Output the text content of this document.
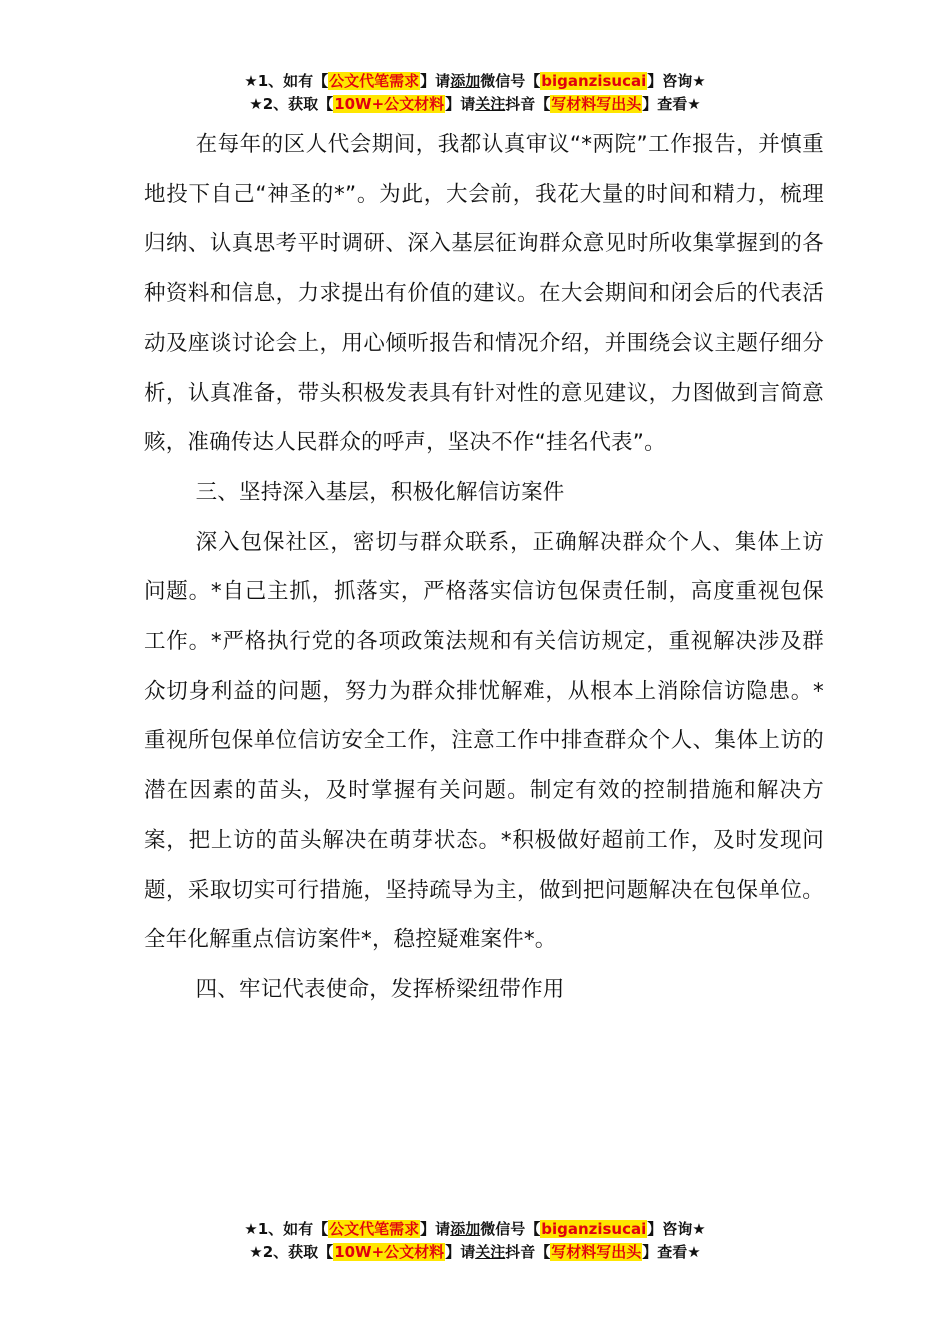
★1、如有【公文代笔需求】请添加微信号【biganzisucai】咨询★
★2、获取【10W+公文材料】请关注抖音【写材料写出头】查看★

在每年的区人代会期间，我都认真审议“*两院”工作报告，并慎重地投下自己“神圣的*”。为此，大会前，我花大量的时间和精力，梳理归纳、认真思考平时调研、深入基层征询群众意见时所收集掌握到的各种资料和信息，力求提出有价值的建议。在大会期间和闭会后的代表活动及座谈讨论会上，用心倾听报告和情况介绍，并围绕会议主题仔细分析，认真准备，带头积极发表具有针对性的意见建议，力图做到言简意赅，准确传达人民群众的呼声，坚决不作“挂名代表”。

三、坚持深入基层，积极化解信访案件

深入包保社区，密切与群众联系，正确解决群众个人、集体上访问题。*自己主抓，抓落实，严格落实信访包保责任制，高度重视包保工作。*严格执行党的各项政策法规和有关信访规定，重视解决涉及群众切身利益的问题，努力为群众排忧解难，从根本上消除信访隐患。*重视所包保单位信访安全工作，注意工作中排查群众个人、集体上访的潜在因素的苗头，及时掌握有关问题。制定有效的控制措施和解决方案，把上访的苗头解决在萌芽状态。*积极做好超前工作，及时发现问题，采取切实可行措施，坚持疏导为主，做到把问题解决在包保单位。全年化解重点信访案件*，稳控疑难案件*。

四、牢记代表使命，发挥桥梁纽带作用

★1、如有【公文代笔需求】请添加微信号【biganzisucai】咨询★
★2、获取【10W+公文材料】请关注抖音【写材料写出头】查看★
